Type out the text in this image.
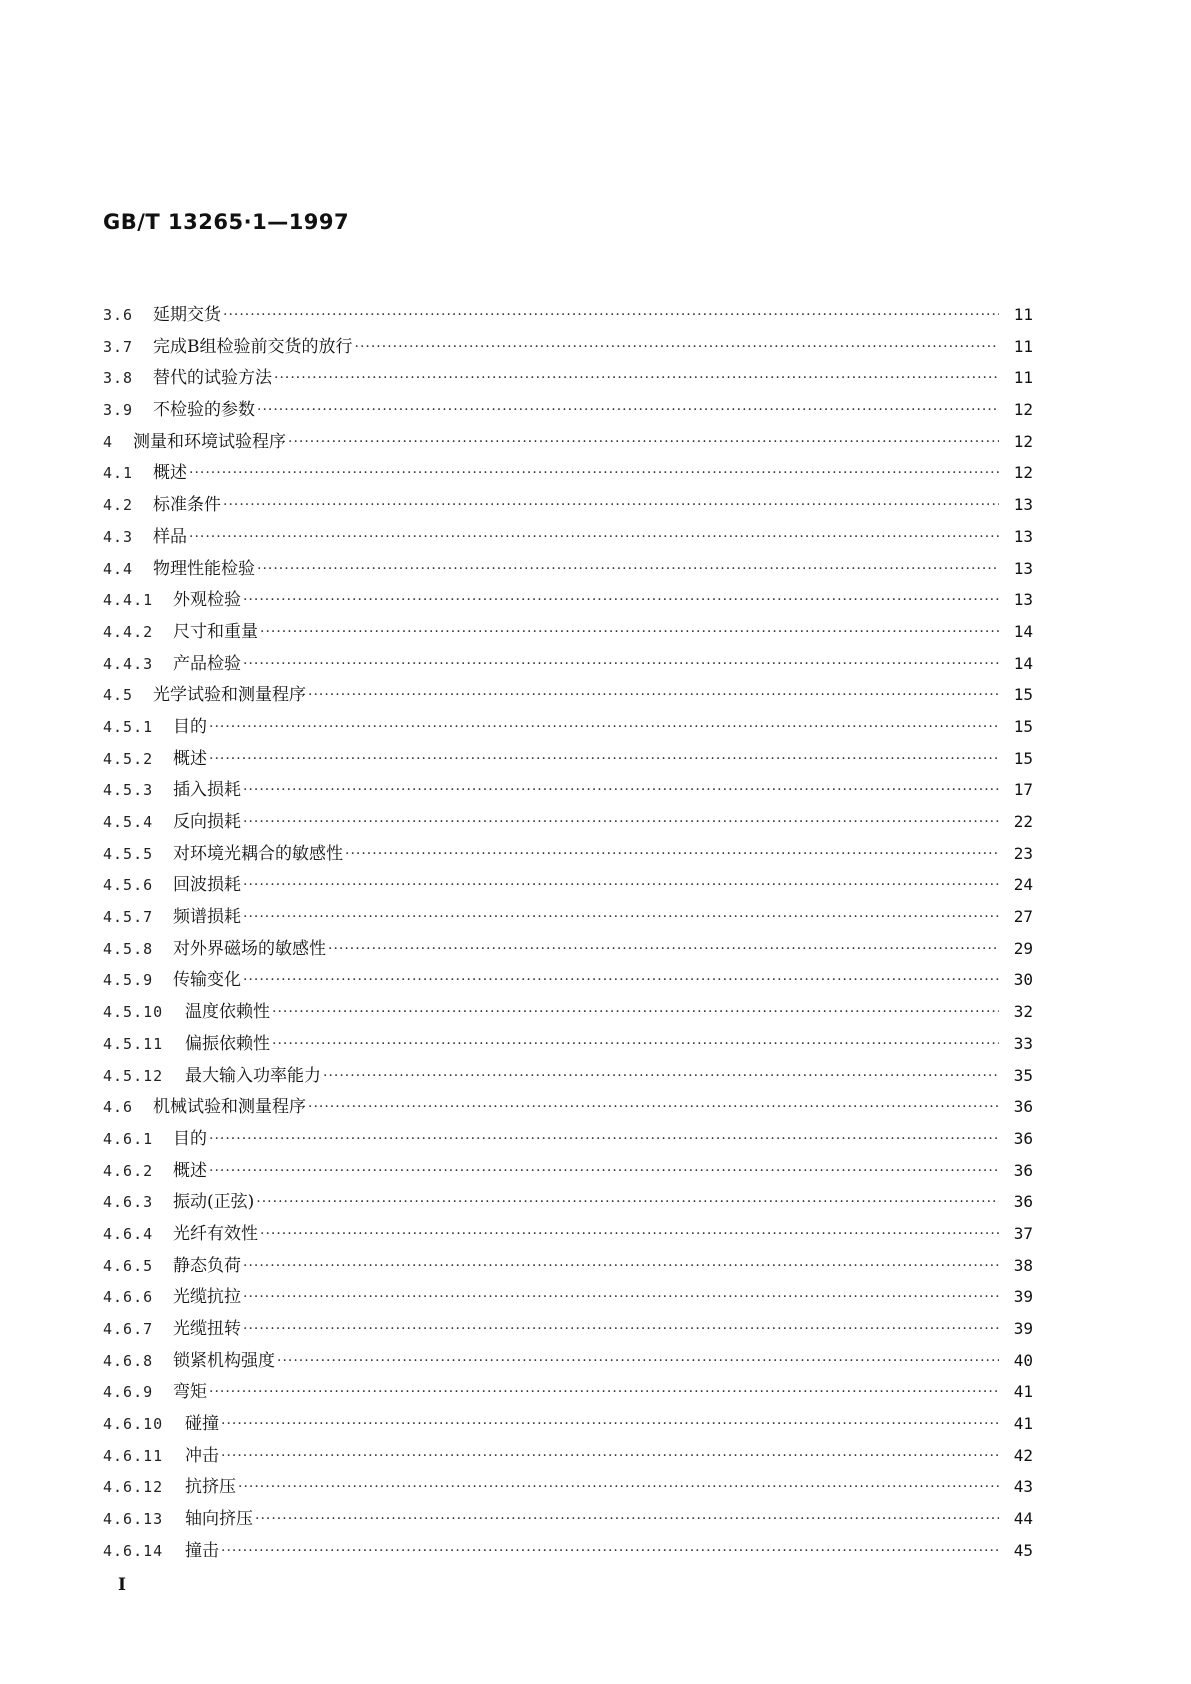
GB/T 13265·1—1997
3.6	延期交货 ·····	11
3.7	完成B组检验前交货的放行 ·····	11
3.8	替代的试验方法 ·····	11
3.9	不检验的参数 ·····	12
4	测量和环境试验程序 ·····	12
4.1	概述 ·····	12
4.2	标准条件 ·····	13
4.3	样品 ·····	13
4.4	物理性能检验 ·····	13
4.4.1	外观检验 ·····	13
4.4.2	尺寸和重量 ·····	14
4.4.3	产品检验 ·····	14
4.5	光学试验和测量程序 ·····	15
4.5.1	目的 ·····	15
4.5.2	概述 ·····	15
4.5.3	插入损耗 ·····	17
4.5.4	反向损耗 ·····	22
4.5.5	对环境光耦合的敏感性 ·····	23
4.5.6	回波损耗 ·····	24
4.5.7	频谱损耗 ·····	27
4.5.8	对外界磁场的敏感性 ·····	29
4.5.9	传输变化 ·····	30
4.5.10	温度依赖性 ·····	32
4.5.11	偏振依赖性 ·····	33
4.5.12	最大输入功率能力 ·····	35
4.6	机械试验和测量程序 ·····	36
4.6.1	目的 ·····	36
4.6.2	概述 ·····	36
4.6.3	振动(正弦) ·····	36
4.6.4	光纤有效性 ·····	37
4.6.5	静态负荷 ·····	38
4.6.6	光缆抗拉 ·····	39
4.6.7	光缆扭转 ·····	39
4.6.8	锁紧机构强度 ·····	40
4.6.9	弯矩 ·····	41
4.6.10	碰撞 ·····	41
4.6.11	冲击 ·····	42
4.6.12	抗挤压 ·····	43
4.6.13	轴向挤压 ·····	44
4.6.14	撞击 ·····	45
I
